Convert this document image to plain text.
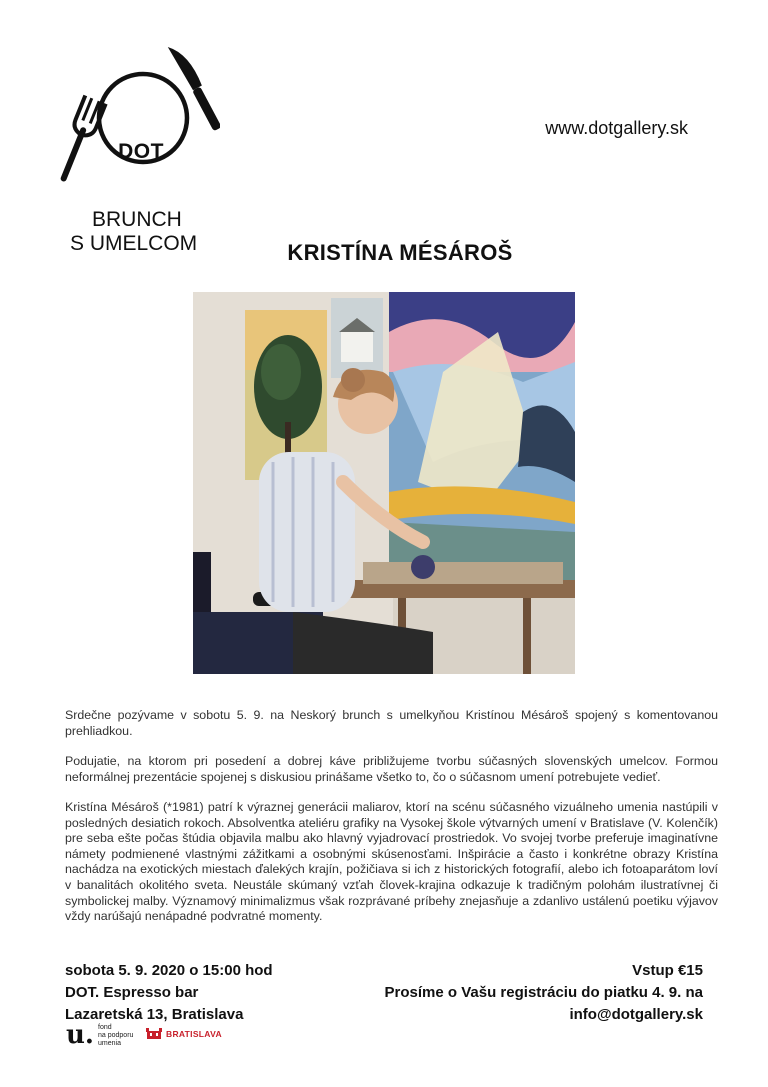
DOT.
BRUNCH
S UMELCOM
www.dotgallery.sk
KRISTÍNA MÉSÁROŠ
Srdečne pozývame v sobotu 5. 9. na Neskorý brunch s umelkyňou Kristínou Mésároš spojený s komentovanou prehliadkou.
Podujatie, na ktorom pri posedení a dobrej káve približujeme tvorbu súčasných slovenských umelcov. Formou neformálnej prezentácie spojenej s diskusiou prinášame všetko to, čo o súčasnom umení potrebujete vedieť.
Kristína Mésároš (*1981) patrí k výraznej generácii maliarov, ktorí na scénu súčasného vizuálneho umenia nastúpili v posledných desiatich rokoch. Absolventka ateliéru grafiky na Vysokej škole výtvarných umení v Bratislave (V. Kolenčík) pre seba ešte počas štúdia objavila malbu ako hlavný vyjadrovací prostriedok. Vo svojej tvorbe preferuje imaginatívne námety podmienené vlastnými zážitkami a osobnými skúsenosťami. Inšpirácie a často i konkrétne obrazy Kristína nachádza na exotických miestach ďalekých krajín, požičiava si ich z historických fotografií, alebo ich fotoaparátom loví v banalitách okolitého sveta. Neustále skúmaný vzťah človek-krajina odkazuje k tradičným polohám ilustratívnej či symbolickej malby. Významový minimalizmus však rozprávané príbehy znejasňuje a zdanlivo ustálenú poetiku výjavov vždy narúšajú nenápadné podvratné momenty.
sobota 5. 9. 2020 o 15:00 hod
DOT. Espresso bar
Lazaretská 13, Bratislava
Vstup €15
Prosíme o Vašu registráciu do piatku 4. 9. na
info@dotgallery.sk
u. fond
na podporu
umenia
BRATISLAVA
